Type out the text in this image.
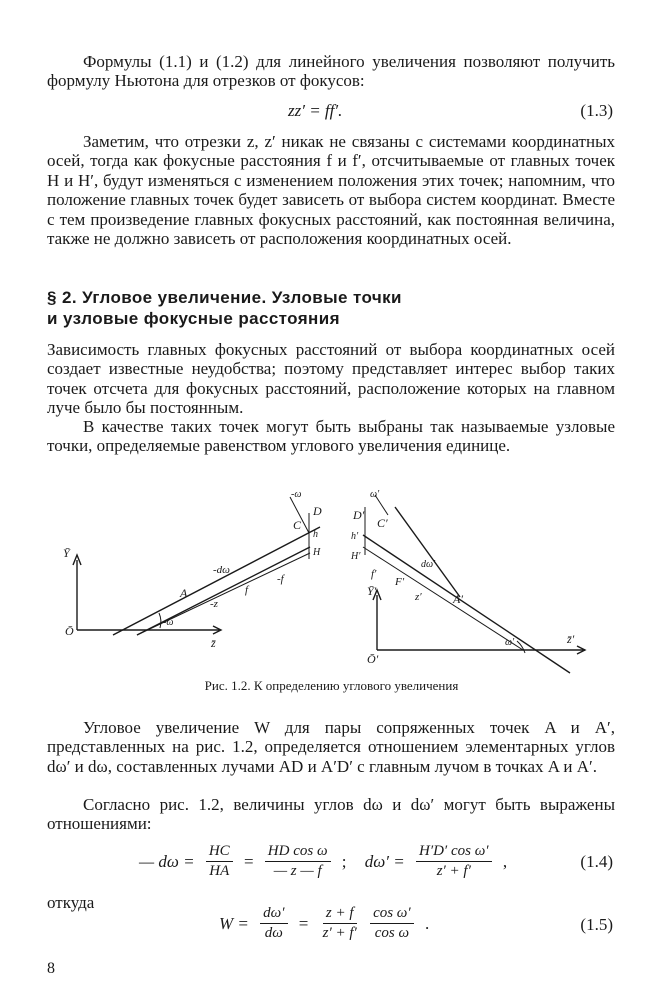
Формулы (1.1) и (1.2) для линейного увеличения позволяют получить формулу Ньютона для отрезков от фокусов:

zz′ = ff′.	(1.3)

Заметим, что отрезки z, z′ никак не связаны с системами координатных осей, тогда как фокусные расстояния f и f′, отсчитываемые от главных точек H и H′, будут изменяться с изменением положения этих точек; напомним, что положение главных точек будет зависеть от выбора систем координат. Вместе с тем произведение главных фокусных расстояний, как постоянная величина, также не должно зависеть от расположения координатных осей.

§ 2. Угловое увеличение. Узловые точки
и узловые фокусные расстояния

Зависимость главных фокусных расстояний от выбора координатных осей создает известные неудобства; поэтому представляет интерес выбор таких точек отсчета для фокусных расстояний, расположение которых на главном луче было бы постоянным.

В качестве таких точек могут быть выбраны так называемые узловые точки, определяемые равенством углового увеличения единице.

Ȳ
Ō
z̄
A
C
D
h
H
-ω
-dω
-f
f
-z
-ω
Ȳ′
Ō′
z̄′
A′
C′
D′
h′
H′
ω′
dω′
f′
F′
z′
ω′
Рис. 1.2. К определению углового увеличения

Угловое увеличение W для пары сопряженных точек A и A′, представленных на рис. 1.2, определяется отношением элементарных углов dω′ и dω, составленных лучами AD и A′D′ с главным лучом в точках A и A′.

Согласно рис. 1.2, величины углов dω и dω′ могут быть выражены отношениями:

— $d\omega = \frac{HC}{HA} = \frac{\text{HD cos ω}}{— z — f}$ ; $d\omega' = \frac{\text{H′D′ cos ω′}}{z' + f'}$ ,	(1.4)

откуда

$W = \frac{d\omega'}{d\omega} = \frac{z + f}{z' + f'}$
$\frac{\text{cos ω′}}{\text{cos ω}}$ .	(1.5)
8
